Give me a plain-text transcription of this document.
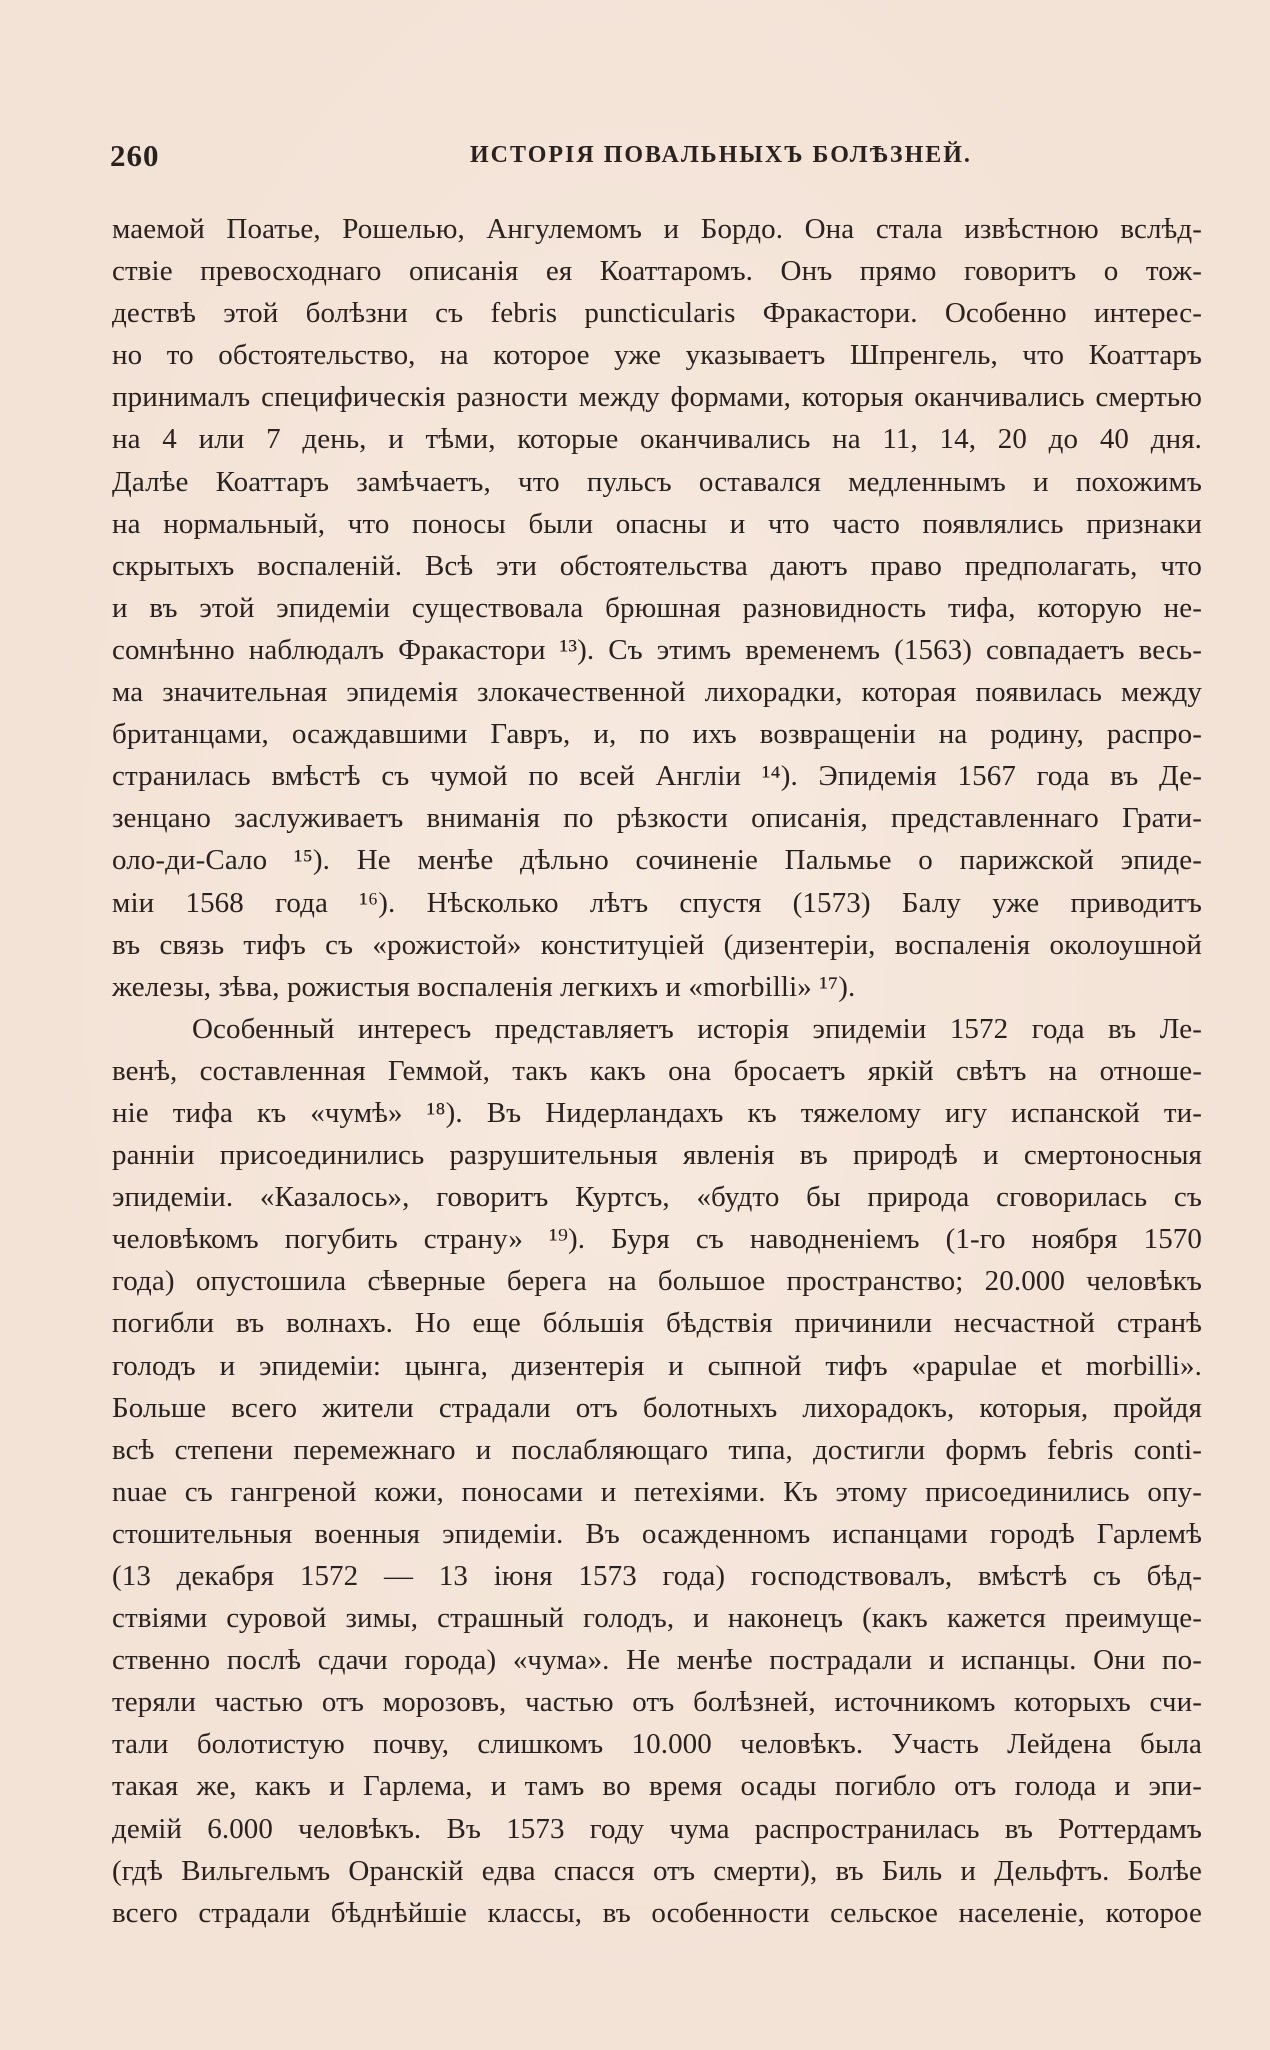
260	ИСТОРІЯ ПОВАЛЬНЫХЪ БОЛѢЗНЕЙ.
маемой Поатье, Рошелью, Ангулемомъ и Бордо. Она стала извѣстною вслѣд-
ствіе превосходнаго описанія ея Коаттаромъ. Онъ прямо говоритъ о тож-
дествѣ этой болѣзни съ febris puncticularis Фракастори. Особенно интерес-
но то обстоятельство, на которое уже указываетъ Шпренгель, что Коаттаръ
принималъ специфическія разности между формами, которыя оканчивались смертью
на 4 или 7 день, и тѣми, которые оканчивались на 11, 14, 20 до 40 дня.
Далѣе Коаттаръ замѣчаетъ, что пульсъ оставался медленнымъ и похожимъ
на нормальный, что поносы были опасны и что часто появлялись признаки
скрытыхъ воспаленій. Всѣ эти обстоятельства даютъ право предполагать, что
и въ этой эпидеміи существовала брюшная разновидность тифа, которую не-
сомнѣнно наблюдалъ Фракастори ¹³). Съ этимъ временемъ (1563) совпадаетъ весь-
ма значительная эпидемія злокачественной лихорадки, которая появилась между
британцами, осаждавшими Гавръ, и, по ихъ возвращеніи на родину, распро-
странилась вмѣстѣ съ чумой по всей Англіи ¹⁴). Эпидемія 1567 года въ Де-
зенцано заслуживаетъ вниманія по рѣзкости описанія, представленнаго Грати-
оло-ди-Сало ¹⁵). Не менѣе дѣльно сочиненіе Пальмье о парижской эпиде-
міи 1568 года ¹⁶). Нѣсколько лѣтъ спустя (1573) Балу уже приводитъ
въ связь тифъ съ «рожистой» конституціей (дизентеріи, воспаленія околоушной
железы, зѣва, рожистыя воспаленія легкихъ и «morbilli» ¹⁷).
Особенный интересъ представляетъ исторія эпидеміи 1572 года въ Ле-
венѣ, составленная Геммой, такъ какъ она бросаетъ яркій свѣтъ на отноше-
ніе тифа къ «чумѣ» ¹⁸). Въ Нидерландахъ къ тяжелому игу испанской ти-
ранніи присоединились разрушительныя явленія въ природѣ и смертоносныя
эпидеміи. «Казалось», говоритъ Куртсъ, «будто бы природа сговорилась съ
человѣкомъ погубить страну» ¹⁹). Буря съ наводненіемъ (1-го ноября 1570
года) опустошила сѣверные берега на большое пространство; 20.000 человѣкъ
погибли въ волнахъ. Но еще бóльшія бѣдствія причинили несчастной странѣ
голодъ и эпидеміи: цынга, дизентерія и сыпной тифъ «papulae et morbilli».
Больше всего жители страдали отъ болотныхъ лихорадокъ, которыя, пройдя
всѣ степени перемежнаго и послабляющаго типа, достигли формъ febris conti-
nuae съ гангреной кожи, поносами и петехіями. Къ этому присоединились опу-
стошительныя военныя эпидеміи. Въ осажденномъ испанцами городѣ Гарлемѣ
(13 декабря 1572 — 13 іюня 1573 года) господствовалъ, вмѣстѣ съ бѣд-
ствіями суровой зимы, страшный голодъ, и наконецъ (какъ кажется преимуще-
ственно послѣ сдачи города) «чума». Не менѣе пострадали и испанцы. Они по-
теряли частью отъ морозовъ, частью отъ болѣзней, источникомъ которыхъ счи-
тали болотистую почву, слишкомъ 10.000 человѣкъ. Участь Лейдена была
такая же, какъ и Гарлема, и тамъ во время осады погибло отъ голода и эпи-
демій 6.000 человѣкъ. Въ 1573 году чума распространилась въ Роттердамъ
(гдѣ Вильгельмъ Оранскій едва спасся отъ смерти), въ Биль и Дельфтъ. Болѣе
всего страдали бѣднѣйшіе классы, въ особенности сельское населеніе, которое
